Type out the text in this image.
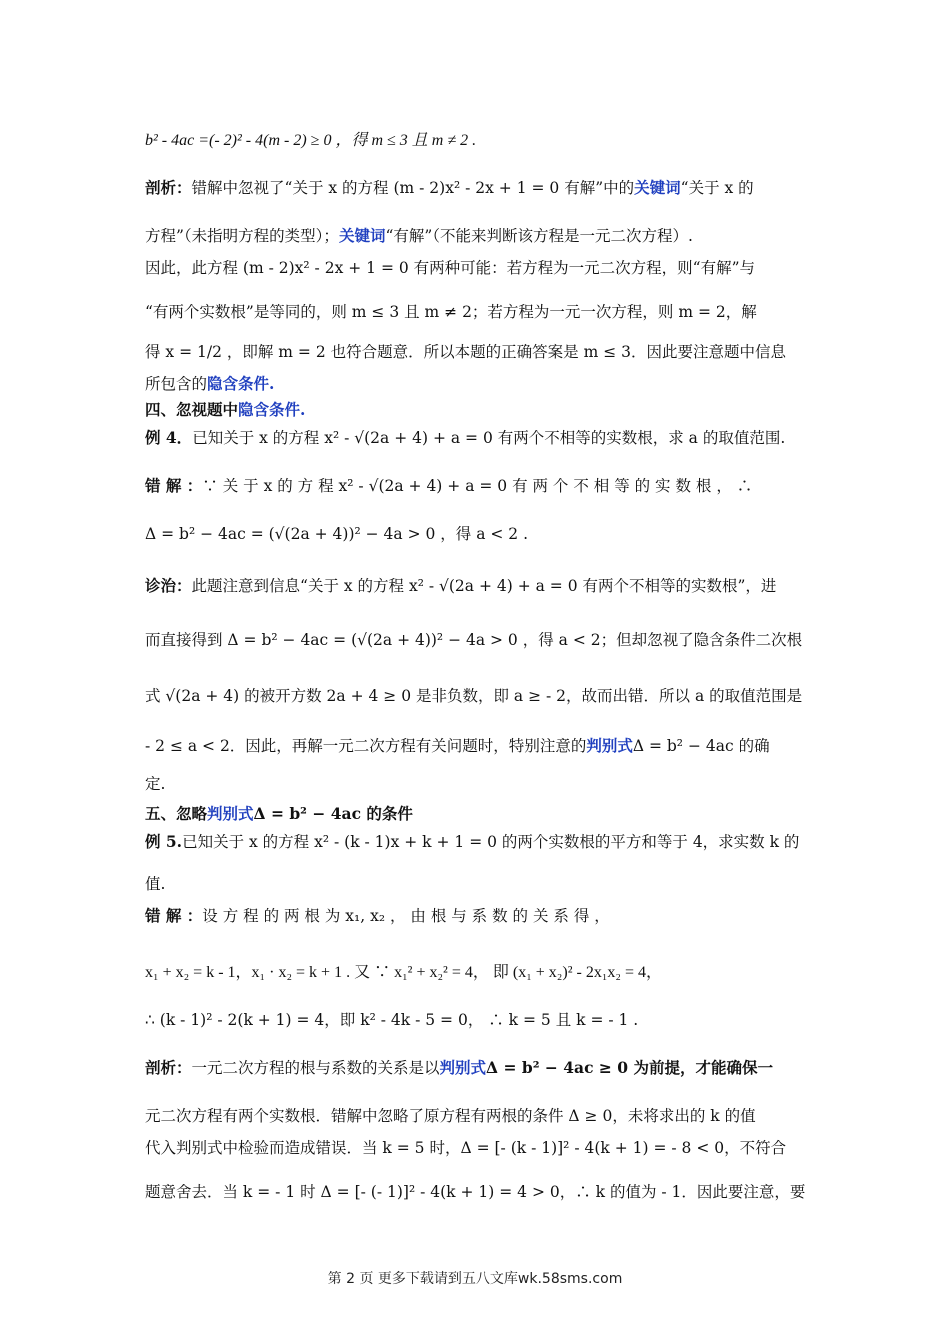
b² - 4ac =(- 2)² - 4(m - 2) ≥ 0 ，得 m ≤ 3 且 m ≠ 2 .
剖析：错解中忽视了“关于 x 的方程 (m - 2)x² - 2x + 1 = 0 有解”中的关键词“关于 x 的
方程”（未指明方程的类型）；关键词“有解”（不能来判断该方程是一元二次方程）.
因此，此方程 (m - 2)x² - 2x + 1 = 0 有两种可能：若方程为一元二次方程，则“有解”与
“有两个实数根”是等同的，则 m ≤ 3 且 m ≠ 2；若方程为一元一次方程，则 m = 2，解
得 x = 1/2 ，即解 m = 2 也符合题意．所以本题的正确答案是 m ≤ 3．因此要注意题中信息
所包含的隐含条件.
四、忽视题中隐含条件.
例 4．已知关于 x 的方程 x² - √(2a + 4) + a = 0 有两个不相等的实数根，求 a 的取值范围.
错 解 ：∵ 关 于 x 的 方 程 x² - √(2a + 4) + a = 0 有 两 个 不 相 等 的 实 数 根 ， ∴
Δ = b² − 4ac = (√(2a + 4))² − 4a > 0 ，得 a < 2 .
诊治：此题注意到信息“关于 x 的方程 x² - √(2a + 4) + a = 0 有两个不相等的实数根”，进
而直接得到 Δ = b² − 4ac = (√(2a + 4))² − 4a > 0 ，得 a < 2；但却忽视了隐含条件二次根
式 √(2a + 4) 的被开方数 2a + 4 ≥ 0 是非负数，即 a ≥ - 2，故而出错．所以 a 的取值范围是
- 2 ≤ a < 2．因此，再解一元二次方程有关问题时，特别注意的判别式Δ = b² − 4ac 的确
定.
五、忽略判别式Δ = b² − 4ac 的条件
例 5.已知关于 x 的方程 x² - (k - 1)x + k + 1 = 0 的两个实数根的平方和等于 4，求实数 k 的
值.
错 解 ：设 方 程 的 两 根 为 x₁, x₂ ， 由 根 与 系 数 的 关 系 得 ，
x₁ + x₂ = k - 1，x₁ · x₂ = k + 1 . 又 ∵ x₁² + x₂² = 4， 即 (x₁ + x₂)² - 2x₁x₂ = 4，
∴ (k - 1)² - 2(k + 1) = 4，即 k² - 4k - 5 = 0， ∴ k = 5 且 k = - 1 .
剖析：一元二次方程的根与系数的关系是以判别式Δ = b² − 4ac ≥ 0 为前提，才能确保一
元二次方程有两个实数根．错解中忽略了原方程有两根的条件 Δ ≥ 0，未将求出的 k 的值
代入判别式中检验而造成错误．当 k = 5 时，Δ = [- (k - 1)]² - 4(k + 1) = - 8 < 0，不符合
题意舍去．当 k = - 1 时 Δ = [- (- 1)]² - 4(k + 1) = 4 > 0，∴ k 的值为 - 1．因此要注意，要
第 2 页 更多下载请到五八文库wk.58sms.com
